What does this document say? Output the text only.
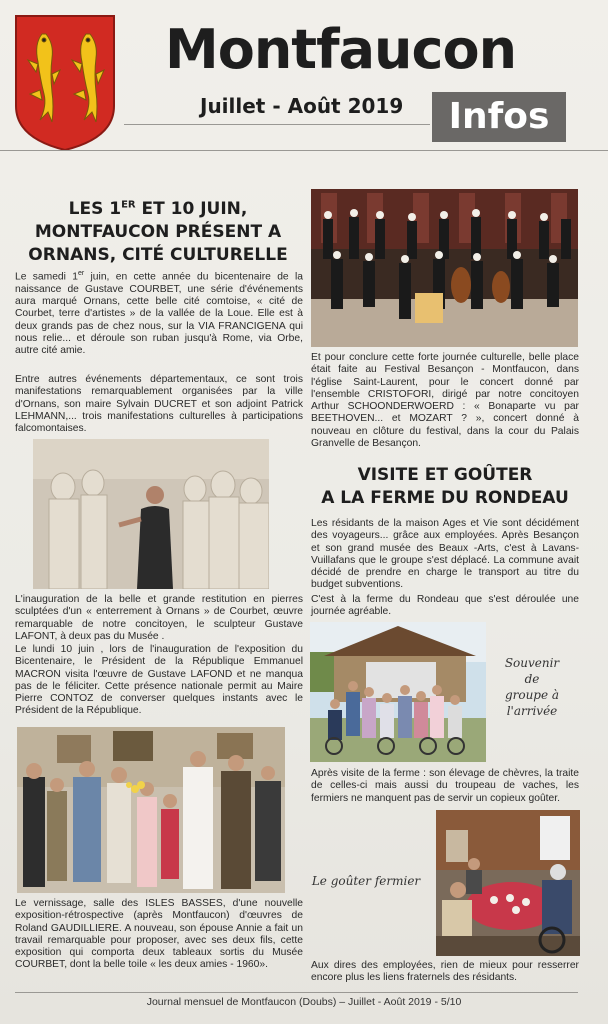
Montfaucon
Juillet - Août 2019	Infos
LES 1ER ET 10 JUIN,
MONTFAUCON PRÉSENT A
ORNANS, CITÉ CULTURELLE

Le samedi 1er juin, en cette année du bicentenaire de la naissance de Gustave COURBET, une série d'événements aura marqué Ornans, cette belle cité comtoise, « cité de Courbet, terre d'artistes » de la vallée de la Loue. Elle est à deux grands pas de chez nous, sur la VIA FRANCIGENA qui nous relie... et déroule son ruban jusqu'à Rome, via Orbe, autre cité amie.

Entre autres événements départementaux, ce sont trois manifestations remarquablement organisées par la ville d'Ornans, son maire Sylvain DUCRET et son adjoint Patrick LEHMANN,... trois manifestations culturelles à participations falcomontaises.

L'inauguration de la belle et grande restitution en pierres sculptées d'un « enterrement à Ornans » de Courbet, œuvre remarquable de notre concitoyen, le sculpteur Gustave LAFONT, à deux pas du Musée .

Le lundi 10 juin , lors de l'inauguration de l'exposition du Bicentenaire, le Président de la République Emmanuel MACRON visita l'œuvre de Gustave LAFOND et ne manqua pas de le féliciter. Cette présence nationale permit au Maire Pierre CONTOZ de converser quelques instants avec le Président de la République.

Le vernissage, salle des ISLES BASSES, d'une nouvelle exposition-rétrospective (après Montfaucon) d'œuvres de Roland GAUDILLIERE. A nouveau, son épouse Annie a fait un travail remarquable pour proposer, avec ses deux fils, cette exposition qui comporta deux tableaux sortis du Musée COURBET, dont la belle toile « les deux amies - 1960».

Et pour conclure cette forte journée culturelle, belle place était faite au Festival Besançon - Montfaucon, dans l'église Saint-Laurent, pour le concert donné par l'ensemble CRISTOFORI, dirigé par notre concitoyen Arthur SCHOONDERWOERD : « Bonaparte vu par BEETHOVEN... et MOZART ? », concert donné à nouveau en clôture du festival, dans la cour du Palais Granvelle de Besançon.

VISITE ET GOÛTER
A LA FERME DU RONDEAU

Les résidants de la maison Ages et Vie sont décidément des voyageurs... grâce aux employées. Après Besançon et son grand musée des Beaux -Arts, c'est à Lavans-Vuillafans que le groupe s'est déplacé. La commune avait décidé de prendre en charge le transport au titre du budget subventions.

C'est à la ferme du Rondeau que s'est déroulée une journée agréable.

Souvenir
de
groupe à
l'arrivée

Après visite de la ferme : son élevage de chèvres, la traite de celles-ci mais aussi du troupeau de vaches, les fermiers ne manquent pas de servir un copieux goûter.

Le goûter fermier

Aux dires des employées, rien de mieux pour resserrer encore plus les liens fraternels des résidants.

Journal mensuel de Montfaucon (Doubs) – Juillet - Août 2019 - 5/10
